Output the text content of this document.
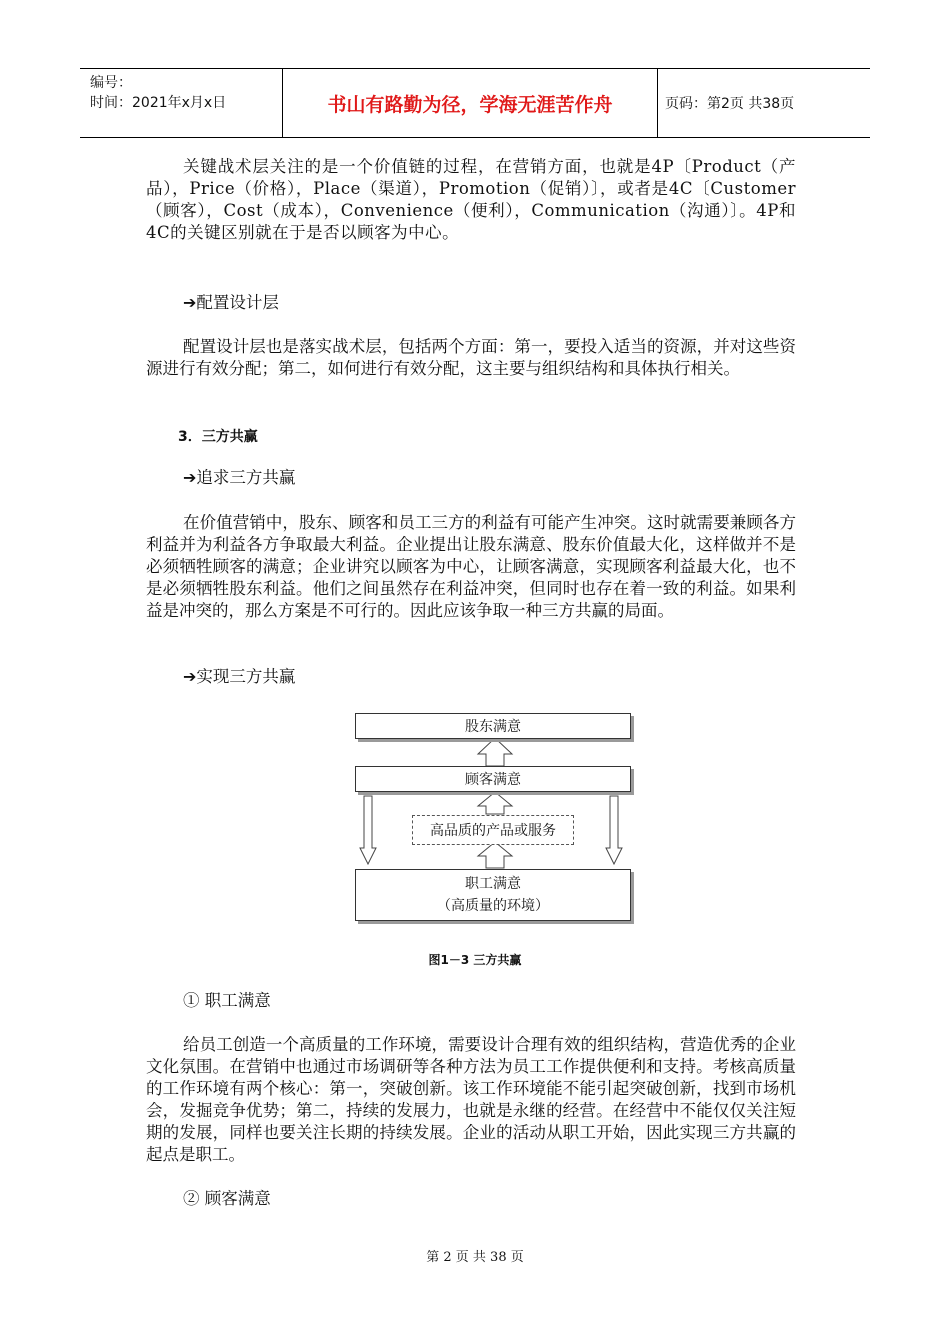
编号：
时间：2021年x月x日	书山有路勤为径，学海无涯苦作舟	页码：第2页 共38页

关键战术层关注的是一个价值链的过程，在营销方面，也就是4P〔Product（产品），Price（价格），Place（渠道），Promotion（促销）〕，或者是4C〔Customer（顾客），Cost（成本），Convenience（便利），Communication（沟通）〕。4P和4C的关键区别就在于是否以顾客为中心。

➔配置设计层

配置设计层也是落实战术层，包括两个方面：第一，要投入适当的资源，并对这些资源进行有效分配；第二，如何进行有效分配，这主要与组织结构和具体执行相关。

3．三方共赢
➔追求三方共赢

在价值营销中，股东、顾客和员工三方的利益有可能产生冲突。这时就需要兼顾各方利益并为利益各方争取最大利益。企业提出让股东满意、股东价值最大化，这样做并不是必须牺牲顾客的满意；企业讲究以顾客为中心，让顾客满意，实现顾客利益最大化，也不是必须牺牲股东利益。他们之间虽然存在利益冲突，但同时也存在着一致的利益。如果利益是冲突的，那么方案是不可行的。因此应该争取一种三方共赢的局面。

➔实现三方共赢
股东满意
顾客满意
高品质的产品或服务
职工满意
（高质量的环境）
图1－3 三方共赢
① 职工满意

给员工创造一个高质量的工作环境，需要设计合理有效的组织结构，营造优秀的企业文化氛围。在营销中也通过市场调研等各种方法为员工工作提供便利和支持。考核高质量的工作环境有两个核心：第一，突破创新。该工作环境能不能引起突破创新，找到市场机会，发掘竞争优势；第二，持续的发展力，也就是永继的经营。在经营中不能仅仅关注短期的发展，同样也要关注长期的持续发展。企业的活动从职工开始，因此实现三方共赢的起点是职工。

② 顾客满意
第 2 页 共 38 页
